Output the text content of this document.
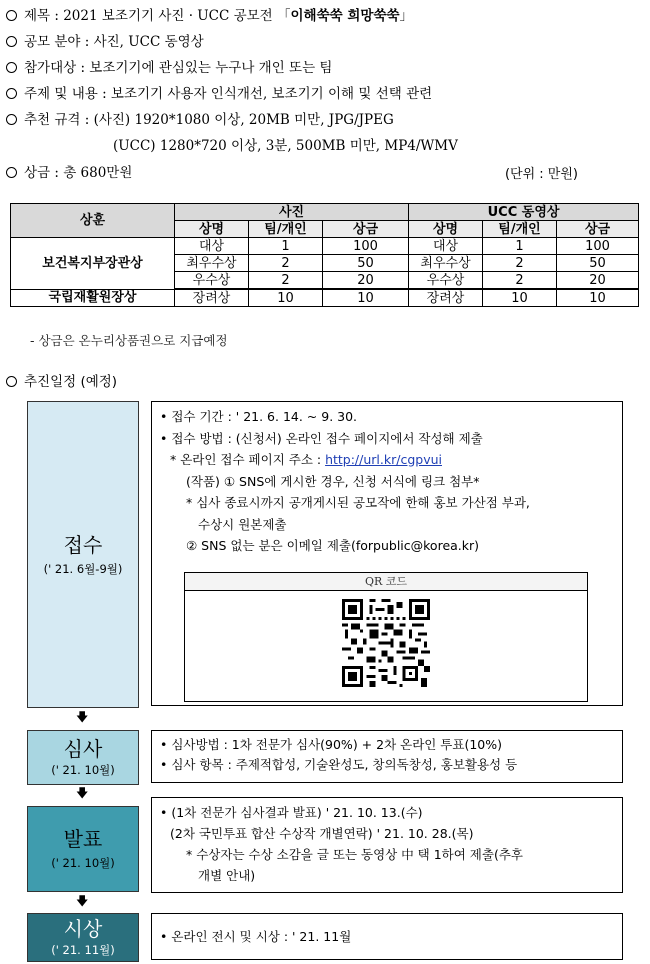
제목 : 2021 보조기기 사진 · UCC 공모전 「이해쑥쑥 희망쑥쑥」
공모 분야 : 사진, UCC 동영상
참가대상 : 보조기기에 관심있는 누구나 개인 또는 팀
주제 및 내용 : 보조기기 사용자 인식개선, 보조기기 이해 및 선택 관련
추천 규격 : (사진) 1920*1080 이상, 20MB 미만, JPG/JPEG
(UCC) 1280*720 이상, 3분, 500MB 미만, MP4/WMV
상금 : 총 680만원	(단위 : 만원)
상훈	사진			UCC 동영상		
	상명	팀/개인	상금	상명	팀/개인	상금
보건복지부장관상	대상	1	100	대상	1	100
	최우수상	2	50	최우수상	2	50
	우수상	2	20	우수상	2	20
국립재활원장상	장려상	10	10	장려상	10	10
- 상금은 온누리상품권으로 지급예정
추진일정 (예정)
접수
(' 21. 6월-9월)
• 접수 기간 : ' 21. 6. 14. ~ 9. 30.
• 접수 방법 : (신청서) 온라인 접수 페이지에서 작성해 제출
* 온라인 접수 페이지 주소 : http://url.kr/cgpvui
(작품) ① SNS에 게시한 경우, 신청 서식에 링크 첨부*
* 심사 종료시까지 공개게시된 공모작에 한해 홍보 가산점 부과,
수상시 원본제출
② SNS 없는 분은 이메일 제출(forpublic@korea.kr)
QR 코드
🡇
심사
(' 21. 10월)
• 심사방법 : 1차 전문가 심사(90%) + 2차 온라인 투표(10%)
• 심사 항목 : 주제적합성, 기술완성도, 창의독창성, 홍보활용성 등
🡇
발표
(' 21. 10월)
• (1차 전문가 심사결과 발표) ' 21. 10. 13.(수)
(2차 국민투표 합산 수상작 개별연락) ' 21. 10. 28.(목)
* 수상자는 수상 소감을 글 또는 동영상 中 택 1하여 제출(추후
개별 안내)
🡇
시상
(' 21. 11월)
• 온라인 전시 및 시상 : ' 21. 11월
